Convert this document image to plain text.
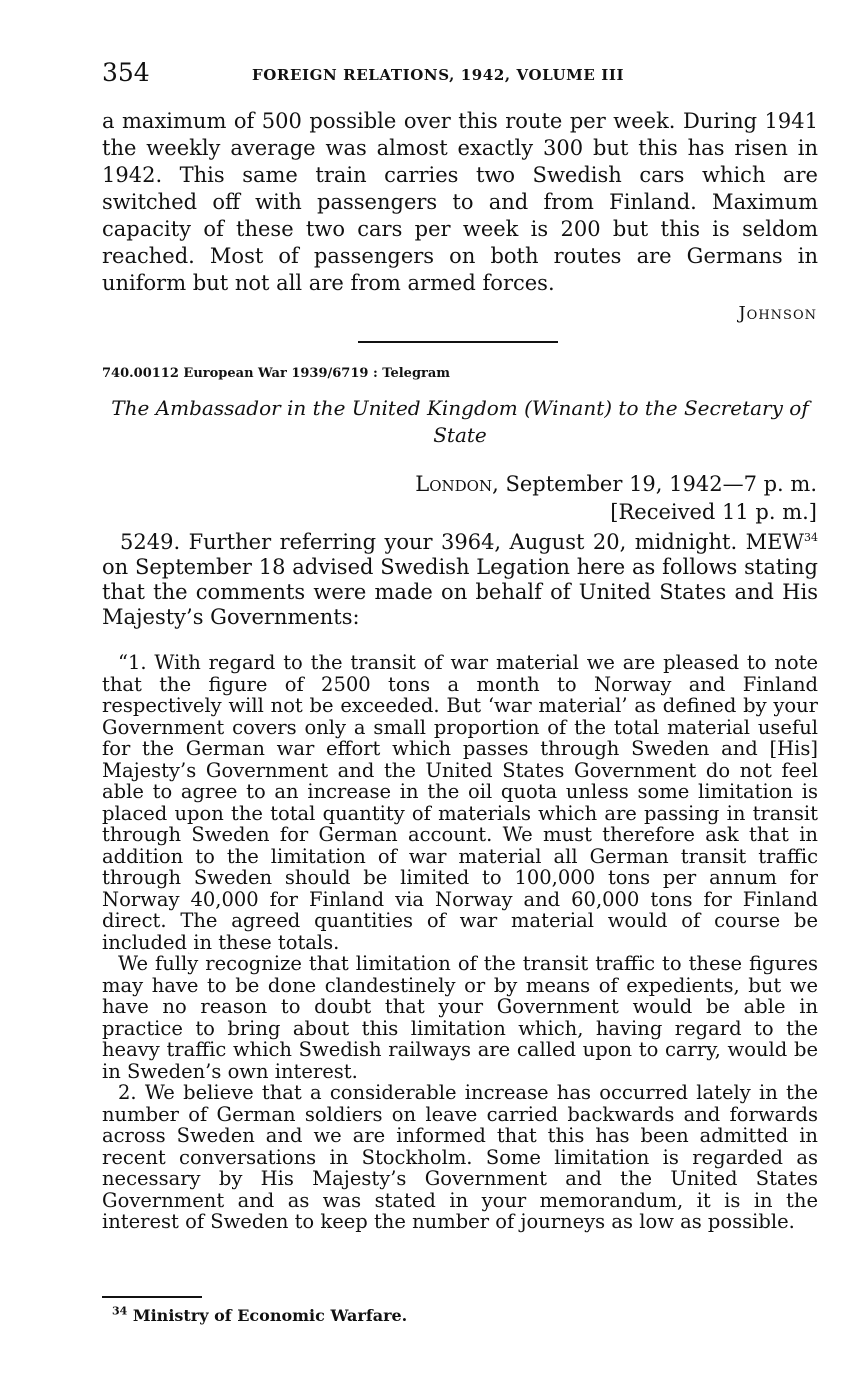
354	FOREIGN RELATIONS, 1942, VOLUME III

a maximum of 500 possible over this route per week. During 1941 the weekly average was almost exactly 300 but this has risen in 1942. This same train carries two Swedish cars which are switched off with passengers to and from Finland. Maximum capacity of these two cars per week is 200 but this is seldom reached. Most of passengers on both routes are Germans in uniform but not all are from armed forces.

Johnson
740.00112 European War 1939/6719 : Telegram
The Ambassador in the United Kingdom (Winant) to the Secretary of State
London, September 19, 1942—7 p. m.
[Received 11 p. m.]

5249. Further referring your 3964, August 20, midnight. MEW$^{34}$ on September 18 advised Swedish Legation here as follows stating that the comments were made on behalf of United States and His Majesty’s Governments:

“1. With regard to the transit of war material we are pleased to note that the figure of 2500 tons a month to Norway and Finland respectively will not be exceeded. But ‘war material’ as defined by your Government covers only a small proportion of the total material useful for the German war effort which passes through Sweden and [His] Majesty’s Government and the United States Government do not feel able to agree to an increase in the oil quota unless some limitation is placed upon the total quantity of materials which are passing in transit through Sweden for German account. We must therefore ask that in addition to the limitation of war material all German transit traffic through Sweden should be limited to 100,000 tons per annum for Norway 40,000 for Finland via Norway and 60,000 tons for Finland direct. The agreed quantities of war material would of course be included in these totals.

We fully recognize that limitation of the transit traffic to these figures may have to be done clandestinely or by means of expedients, but we have no reason to doubt that your Government would be able in practice to bring about this limitation which, having regard to the heavy traffic which Swedish railways are called upon to carry, would be in Sweden’s own interest.

2. We believe that a considerable increase has occurred lately in the number of German soldiers on leave carried backwards and forwards across Sweden and we are informed that this has been admitted in recent conversations in Stockholm. Some limitation is regarded as necessary by His Majesty’s Government and the United States Government and as was stated in your memorandum, it is in the interest of Sweden to keep the number of journeys as low as possible.

$^{34}$ Ministry of Economic Warfare.
